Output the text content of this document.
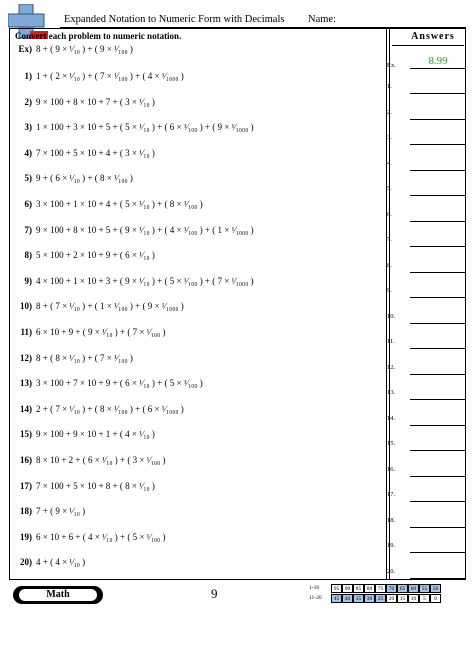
Expanded Notation to Numeric Form with Decimals Name:
Convert each problem to numeric notation.
Ex) 8 + ( 9 × ¹⁄₁₀ ) + ( 9 × ¹⁄₁₀₀ )
1) 1 + ( 2 × ¹⁄₁₀ ) + ( 7 × ¹⁄₁₀₀ ) + ( 4 × ¹⁄₁₀₀₀ )
2) 9 × 100 + 8 × 10 + 7 + ( 3 × ¹⁄₁₀ )
3) 1 × 100 + 3 × 10 + 5 + ( 5 × ¹⁄₁₀ ) + ( 6 × ¹⁄₁₀₀ ) + ( 9 × ¹⁄₁₀₀₀ )
4) 7 × 100 + 5 × 10 + 4 + ( 3 × ¹⁄₁₀ )
5) 9 + ( 6 × ¹⁄₁₀ ) + ( 8 × ¹⁄₁₀₀ )
6) 3 × 100 + 1 × 10 + 4 + ( 5 × ¹⁄₁₀ ) + ( 8 × ¹⁄₁₀₀ )
7) 9 × 100 + 8 × 10 + 5 + ( 9 × ¹⁄₁₀ ) + ( 4 × ¹⁄₁₀₀ ) + ( 1 × ¹⁄₁₀₀₀ )
8) 5 × 100 + 2 × 10 + 9 + ( 6 × ¹⁄₁₀ )
9) 4 × 100 + 1 × 10 + 3 + ( 9 × ¹⁄₁₀ ) + ( 5 × ¹⁄₁₀₀ ) + ( 7 × ¹⁄₁₀₀₀ )
10) 8 + ( 7 × ¹⁄₁₀ ) + ( 1 × ¹⁄₁₀₀ ) + ( 9 × ¹⁄₁₀₀₀ )
11) 6 × 10 + 9 + ( 9 × ¹⁄₁₀ ) + ( 7 × ¹⁄₁₀₀ )
12) 8 + ( 8 × ¹⁄₁₀ ) + ( 7 × ¹⁄₁₀₀ )
13) 3 × 100 + 7 × 10 + 9 + ( 6 × ¹⁄₁₀ ) + ( 5 × ¹⁄₁₀₀ )
14) 2 + ( 7 × ¹⁄₁₀ ) + ( 8 × ¹⁄₁₀₀ ) + ( 6 × ¹⁄₁₀₀₀ )
15) 9 × 100 + 9 × 10 + 1 + ( 4 × ¹⁄₁₀ )
16) 8 × 10 + 2 + ( 6 × ¹⁄₁₀ ) + ( 3 × ¹⁄₁₀₀ )
17) 7 × 100 + 5 × 10 + 8 + ( 8 × ¹⁄₁₀ )
18) 7 + ( 9 × ¹⁄₁₀ )
19) 6 × 10 + 6 + ( 4 × ¹⁄₁₀ ) + ( 5 × ¹⁄₁₀₀ )
20) 4 + ( 4 × ¹⁄₁₀ )
Answers
Ex.	8.99
1.
2.
3.
4.
5.
6.
7.
8.
9.
10.
11.
12.
13.
14.
15.
16.
17.
18.
19.
20.
Math	9	1-10	95	90	85	80	75	70	65	60	55	50
11-20	45	40	35	30	25	20	15	10	5	0
